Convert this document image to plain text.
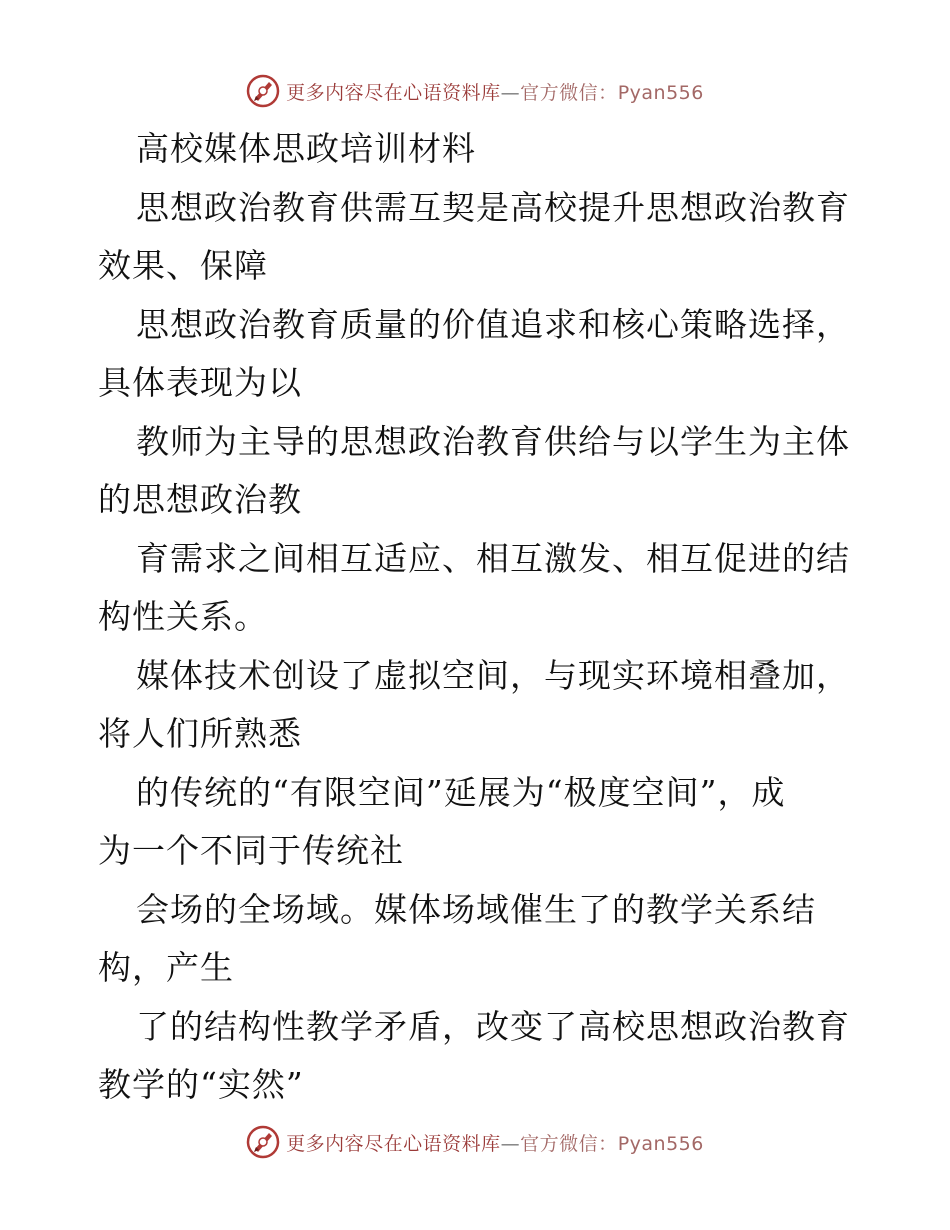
更多内容尽在心语资料库—官方微信：Pyan556
高校媒体思政培训材料
思想政治教育供需互契是高校提升思想政治教育
效果、保障
思想政治教育质量的价值追求和核心策略选择，
具体表现为以
教师为主导的思想政治教育供给与以学生为主体
的思想政治教
育需求之间相互适应、相互激发、相互促进的结
构性关系。
媒体技术创设了虚拟空间，与现实环境相叠加，
将人们所熟悉
的传统的“有限空间”延展为“极度空间”，成
为一个不同于传统社
会场的全场域。媒体场域催生了的教学关系结
构，产生
了的结构性教学矛盾，改变了高校思想政治教育
教学的“实然”
更多内容尽在心语资料库—官方微信：Pyan556
